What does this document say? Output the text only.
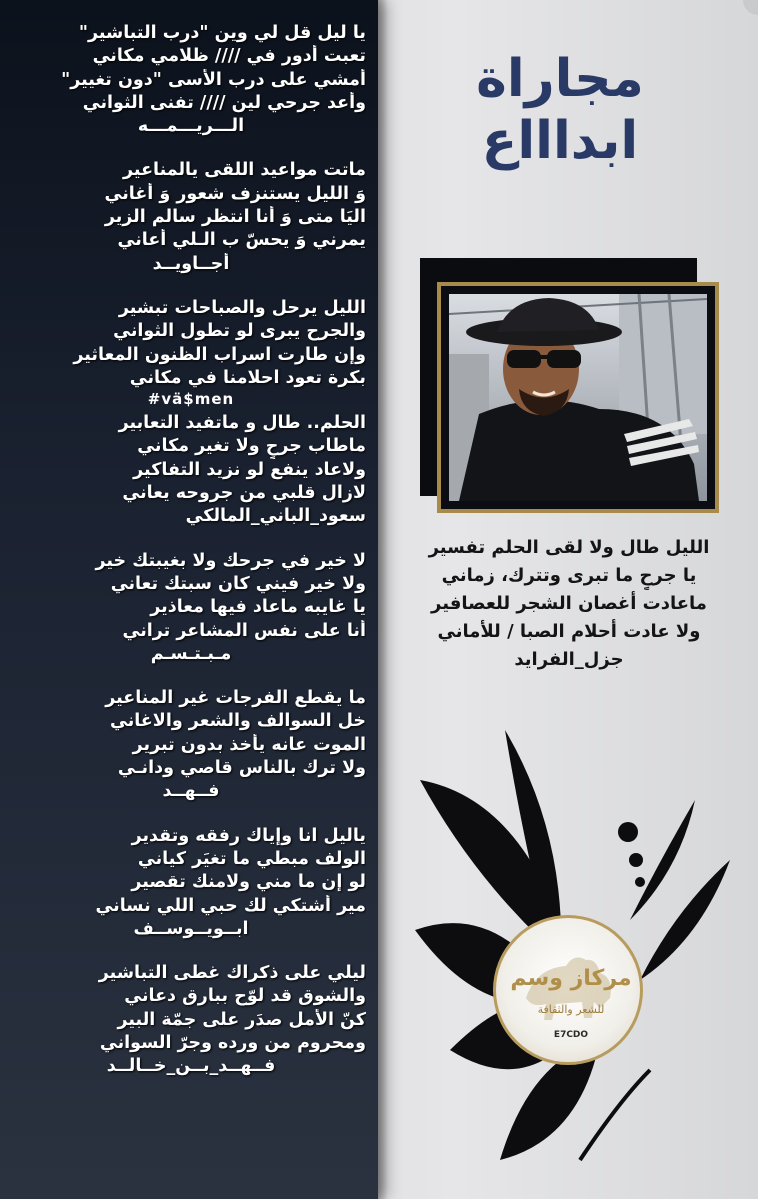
يا ليل قل لي وين "درب التباشير"
تعبت أدور في //// ظلامي مكاني
أمشي على درب الأسى "دون تغيير"
وأعد جرحي لين //// تفنى الثواني
الـــريـــمـــه
ماتت مواعيد اللقى يالمناعير
وَ الليل يستنزف شعور وَ أغاني
اليَا متى وَ أنا انتظر سالم الزير
يمرني وَ يحسّ ب الـلي أعاني
أجــاويــد
الليل يرحل والصباحات تبشير
والجرح يبرى لو تطول الثواني
وإن طارت اسراب الظنون المعاثير
بكرة تعود احلامنا في مكاني
#vä$men
الحلم.. طال و ماتفيد التعابير
ماطاب جرحٍ ولا تغير مكاني
ولاعاد ينفع لو نزيد التفاكير
لازال قلبي من جروحه يعاني
سعود_الباني_المالكي
لا خير في جرحك ولا بغيبتك خير
ولا خير فيني كان سبتك تعاني
يا غايبه ماعاد فيها معاذير
أنا على نفس المشاعر تراني
مـبـتـسـم
ما يقطع الفرجات غير المناعير
خل السوالف والشعر والاغاني
الموت عانه يأخذ بدون تبرير
ولا ترك بالناس قاصي ودانـي
فــهــد
ياليل انا وإياك رفقه وتقدير
الولف مبطي ما تغيَر كياني
لو إن ما مني ولامنك تقصير
مير أشتكي لك حبي اللي نساني
ابــويــوســف
ليلي على ذكراك غطى التباشير
والشوق قد لوّح ببارق دعاني
كنّ الأمل صدَر على جمّة البير
ومحروم من ورده وجرّ السواني
فــهــد_بــن_خــالــد
مجاراة
ابداااع
الليل طال ولا لقى الحلم تفسير
يا جرحٍ ما تبرى وتترك، زماني
ماعادت أغصان الشجر للعصافير
ولا عادت أحلام الصبا / للأماني
جزل_الفرايد
مركاز وسم
للشعر والثقافة
E7CDO
